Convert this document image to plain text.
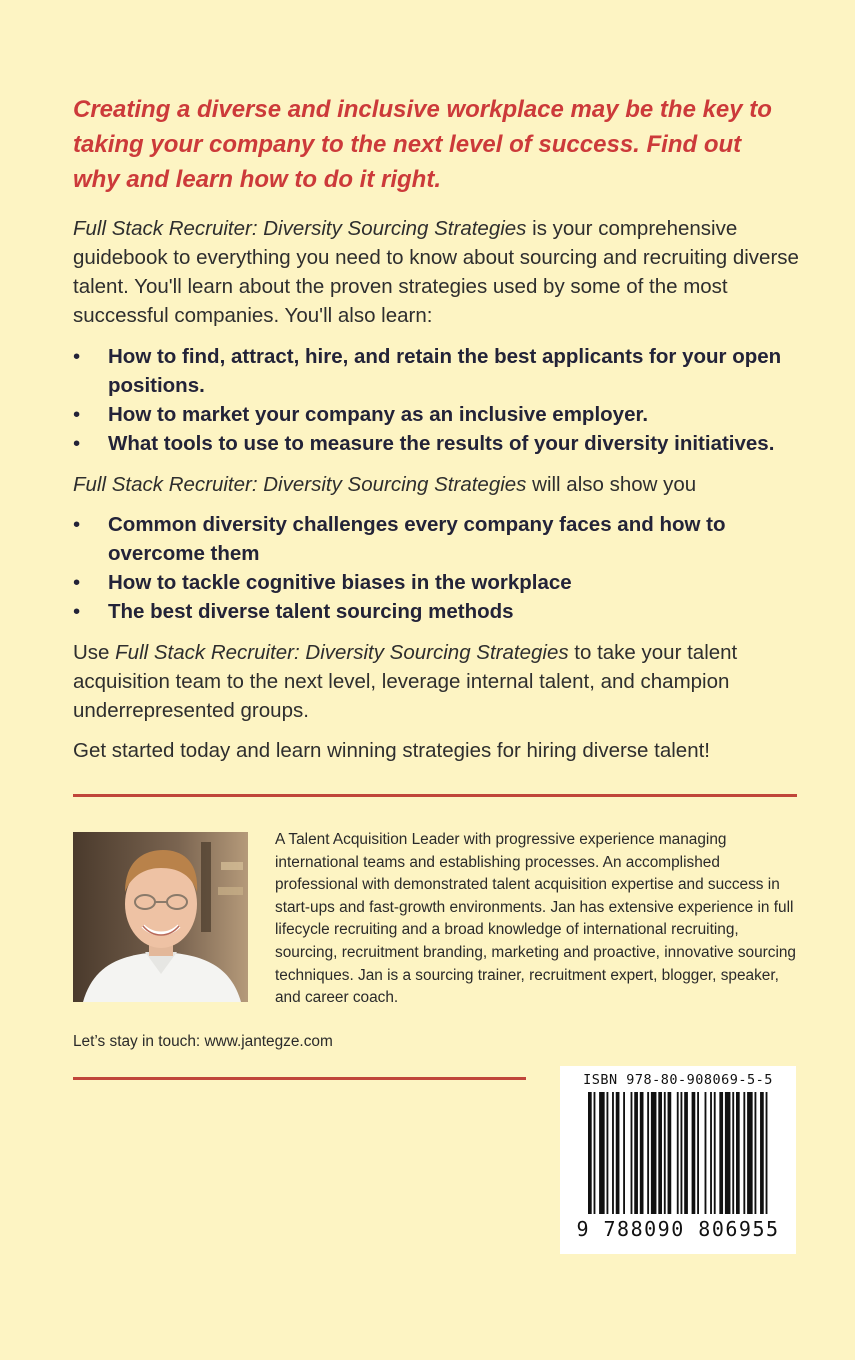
Creating a diverse and inclusive workplace may be the key to taking your company to the next level of success. Find out why and learn how to do it right.

Full Stack Recruiter: Diversity Sourcing Strategies is your comprehensive guidebook to everything you need to know about sourcing and recruiting diverse talent. You'll learn about the proven strategies used by some of the most successful companies. You'll also learn:

• How to find, attract, hire, and retain the best applicants for your open positions.
• How to market your company as an inclusive employer.
• What tools to use to measure the results of your diversity initiatives.

Full Stack Recruiter: Diversity Sourcing Strategies will also show you

• Common diversity challenges every company faces and how to overcome them
• How to tackle cognitive biases in the workplace
• The best diverse talent sourcing methods

Use Full Stack Recruiter: Diversity Sourcing Strategies to take your talent acquisition team to the next level, leverage internal talent, and champion underrepresented groups.

Get started today and learn winning strategies for hiring diverse talent!

A Talent Acquisition Leader with progressive experience managing international teams and establishing processes. An accomplished professional with demonstrated talent acquisition expertise and success in start-ups and fast-growth environments. Jan has extensive experience in full lifecycle recruiting and a broad knowledge of international recruiting, sourcing, recruitment branding, marketing and proactive, innovative sourcing techniques. Jan is a sourcing trainer, recruitment expert, blogger, speaker, and career coach.

Let’s stay in touch: www.jantegze.com

ISBN 978-80-908069-5-5
9 788090 806955
